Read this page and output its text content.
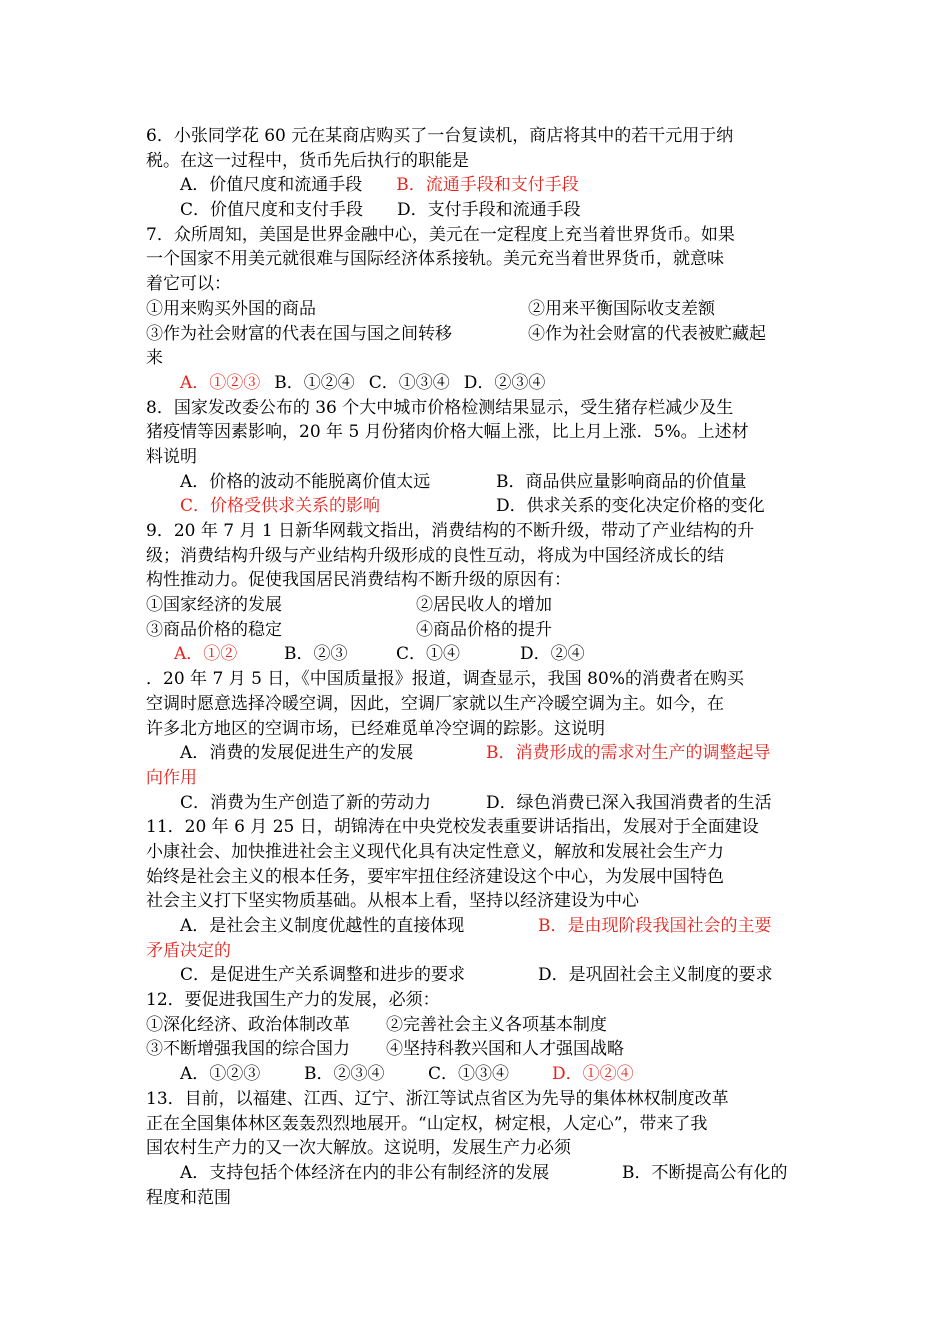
6．小张同学花 60 元在某商店购买了一台复读机，商店将其中的若干元用于纳
税。在这一过程中，货币先后执行的职能是
A．价值尺度和流通手段 B．流通手段和支付手段
C．价值尺度和支付手段 D．支付手段和流通手段
7．众所周知，美国是世界金融中心，美元在一定程度上充当着世界货币。如果
一个国家不用美元就很难与国际经济体系接轨。美元充当着世界货币，就意味
着它可以：
①用来购买外国的商品	②用来平衡国际收支差额
③作为社会财富的代表在国与国之间转移	④作为社会财富的代表被贮藏起
来
A．①②③ B．①②④ C．①③④ D．②③④
8．国家发改委公布的 36 个大中城市价格检测结果显示，受生猪存栏减少及生
猪疫情等因素影响，20 年 5 月份猪肉价格大幅上涨，比上月上涨．5%。上述材
料说明
A．价格的波动不能脱离价值太远	B．商品供应量影响商品的价值量
C．价格受供求关系的影响	D．供求关系的变化决定价格的变化
9．20 年 7 月 1 日新华网载文指出，消费结构的不断升级，带动了产业结构的升
级；消费结构升级与产业结构升级形成的良性互动，将成为中国经济成长的结
构性推动力。促使我国居民消费结构不断升级的原因有：
①国家经济的发展	②居民收人的增加
③商品价格的稳定	④商品价格的提升
A．①②	B．②③	C．①④	D．②④
．20 年 7 月 5 日，《中国质量报》报道，调查显示，我国 80%的消费者在购买
空调时愿意选择冷暖空调，因此，空调厂家就以生产冷暖空调为主。如今，在
许多北方地区的空调市场，已经难觅单冷空调的踪影。这说明
A．消费的发展促进生产的发展	B．消费形成的需求对生产的调整起导
向作用
C．消费为生产创造了新的劳动力	D．绿色消费已深入我国消费者的生活
11．20 年 6 月 25 日，胡锦涛在中央党校发表重要讲话指出，发展对于全面建设
小康社会、加快推进社会主义现代化具有决定性意义，解放和发展社会生产力
始终是社会主义的根本任务，要牢牢扭住经济建设这个中心，为发展中国特色
社会主义打下坚实物质基础。从根本上看，坚持以经济建设为中心
A．是社会主义制度优越性的直接体现	B．是由现阶段我国社会的主要
矛盾决定的
C．是促进生产关系调整和进步的要求	D．是巩固社会主义制度的要求
12．要促进我国生产力的发展，必须：
①深化经济、政治体制改革 ②完善社会主义各项基本制度
③不断增强我国的综合国力 ④坚持科教兴国和人才强国战略
A．①②③	B．②③④	C．①③④	D．①②④
13．目前，以福建、江西、辽宁、浙江等试点省区为先导的集体林权制度改革
正在全国集体林区轰轰烈烈地展开。“山定权，树定根，人定心”，带来了我
国农村生产力的又一次大解放。这说明，发展生产力必须
A．支持包括个体经济在内的非公有制经济的发展	B．不断提高公有化的
程度和范围
